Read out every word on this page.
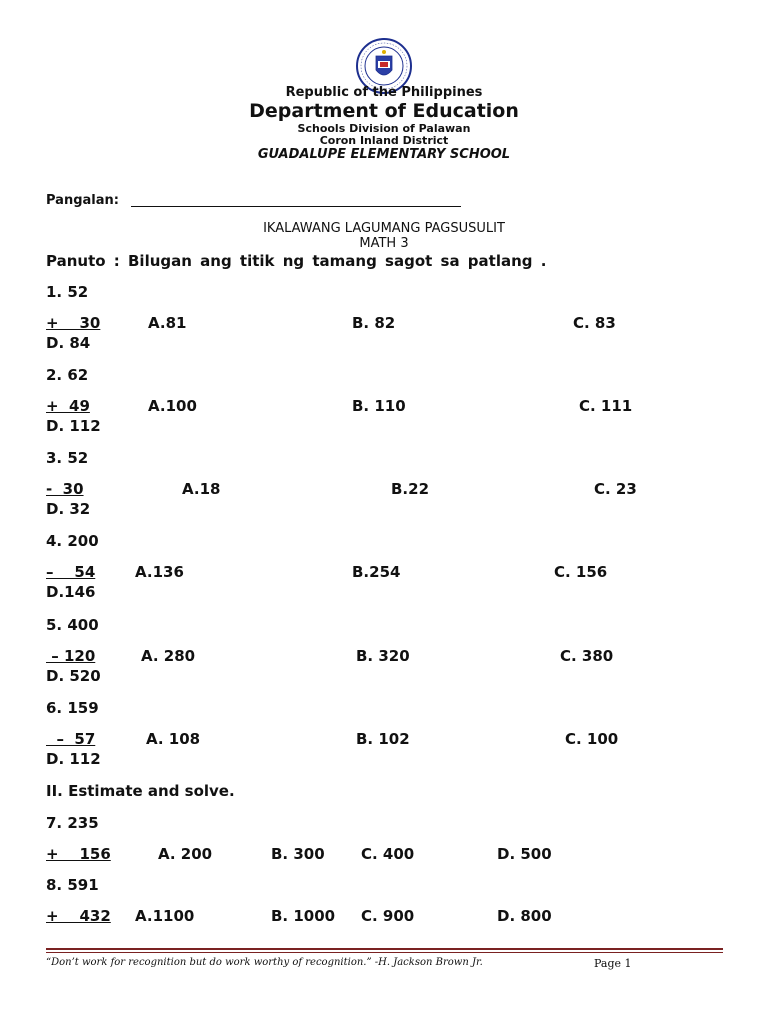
Republic of the Philippines
Department of Education
Schools Division of Palawan
Coron Inland District
GUADALUPE ELEMENTARY SCHOOL
Pangalan:
IKALAWANG LAGUMANG PAGSUSULIT
MATH 3
Panuto : Bilugan ang titik ng tamang sagot sa patlang .
1. 52
+    30	A.81	B. 82	C. 83
D. 84
2. 62
+  49	A.100	B. 110	C. 111
D. 112
3. 52
-  30	A.18	B.22	C. 23
D. 32
4. 200
–    54	A.136	B.254	C. 156
D.146
5. 400
– 120	A. 280	B. 320	C. 380
D. 520
6. 159
–  57	A. 108	B. 102	C. 100
D. 112
II. Estimate and solve.
7. 235
+    156	A. 200	B. 300 C. 400	D. 500
8. 591
+    432 A.1100	B. 1000 C. 900	D. 800
“Don’t work for recognition but do work worthy of recognition.” -H. Jackson Brown Jr.	Page 1
